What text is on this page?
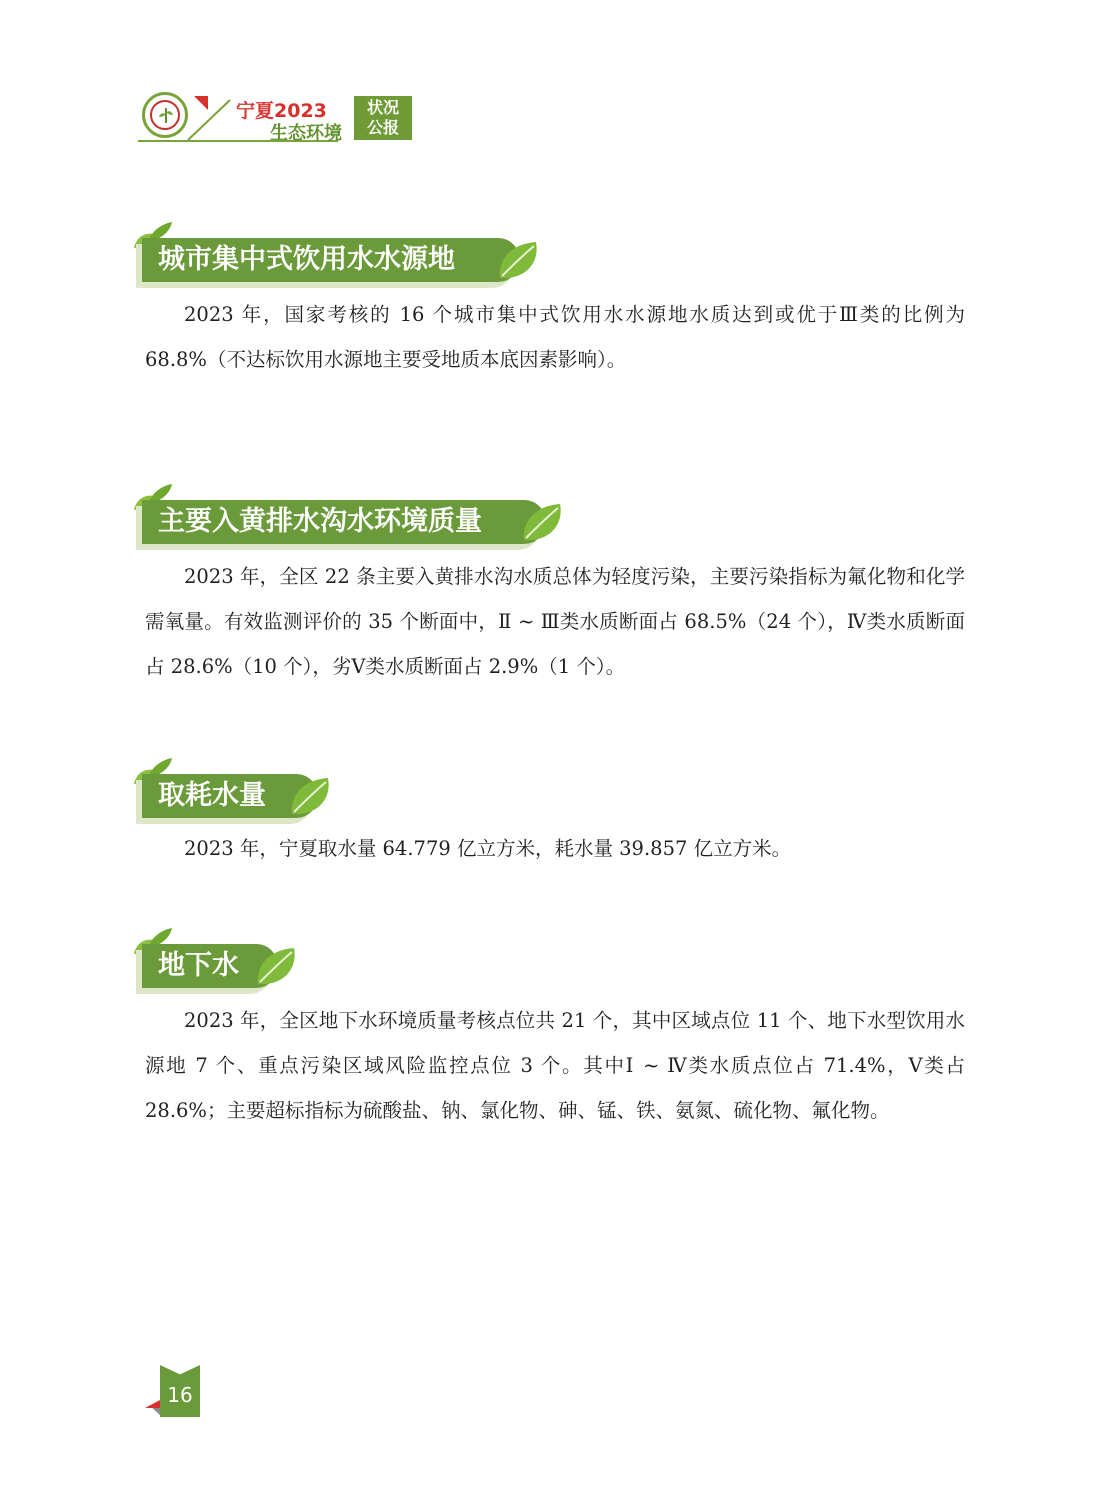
宁夏2023
生态环境
状况
公报
城市集中式饮用水水源地

2023 年，国家考核的 16 个城市集中式饮用水水源地水质达到或优于Ⅲ类的比例为 68.8%（不达标饮用水源地主要受地质本底因素影响）。

主要入黄排水沟水环境质量

2023 年，全区 22 条主要入黄排水沟水质总体为轻度污染，主要污染指标为氟化物和化学需氧量。有效监测评价的 35 个断面中，Ⅱ ~ Ⅲ类水质断面占 68.5%（24 个），Ⅳ类水质断面占 28.6%（10 个），劣Ⅴ类水质断面占 2.9%（1 个）。

取耗水量

2023 年，宁夏取水量 64.779 亿立方米，耗水量 39.857 亿立方米。

地下水

2023 年，全区地下水环境质量考核点位共 21 个，其中区域点位 11 个、地下水型饮用水源地 7 个、重点污染区域风险监控点位 3 个。其中Ⅰ ~ Ⅳ类水质点位占 71.4%，Ⅴ类占 28.6%；主要超标指标为硫酸盐、钠、氯化物、砷、锰、铁、氨氮、硫化物、氟化物。

16
